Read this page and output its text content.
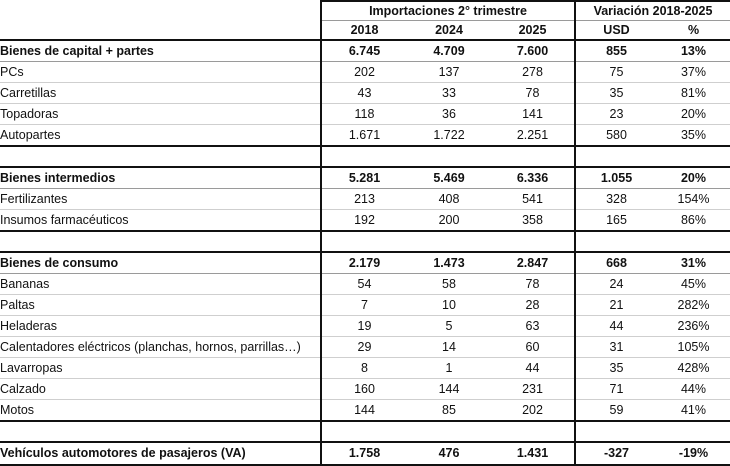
	Importaciones 2° trimestre			Variación 2018-2025	
	2018	2024	2025	USD	%
Bienes de capital + partes	6.745	4.709	7.600	855	13%
PCs	202	137	278	75	37%
Carretillas	43	33	78	35	81%
Topadoras	118	36	141	23	20%
Autopartes	1.671	1.722	2.251	580	35%

Bienes intermedios	5.281	5.469	6.336	1.055	20%
Fertilizantes	213	408	541	328	154%
Insumos farmacéuticos	192	200	358	165	86%

Bienes de consumo	2.179	1.473	2.847	668	31%
Bananas	54	58	78	24	45%
Paltas	7	10	28	21	282%
Heladeras	19	5	63	44	236%
Calentadores eléctricos (planchas, hornos, parrillas…)	29	14	60	31	105%
Lavarropas	8	1	44	35	428%
Calzado	160	144	231	71	44%
Motos	144	85	202	59	41%

Vehículos automotores de pasajeros (VA)	1.758	476	1.431	-327	-19%
